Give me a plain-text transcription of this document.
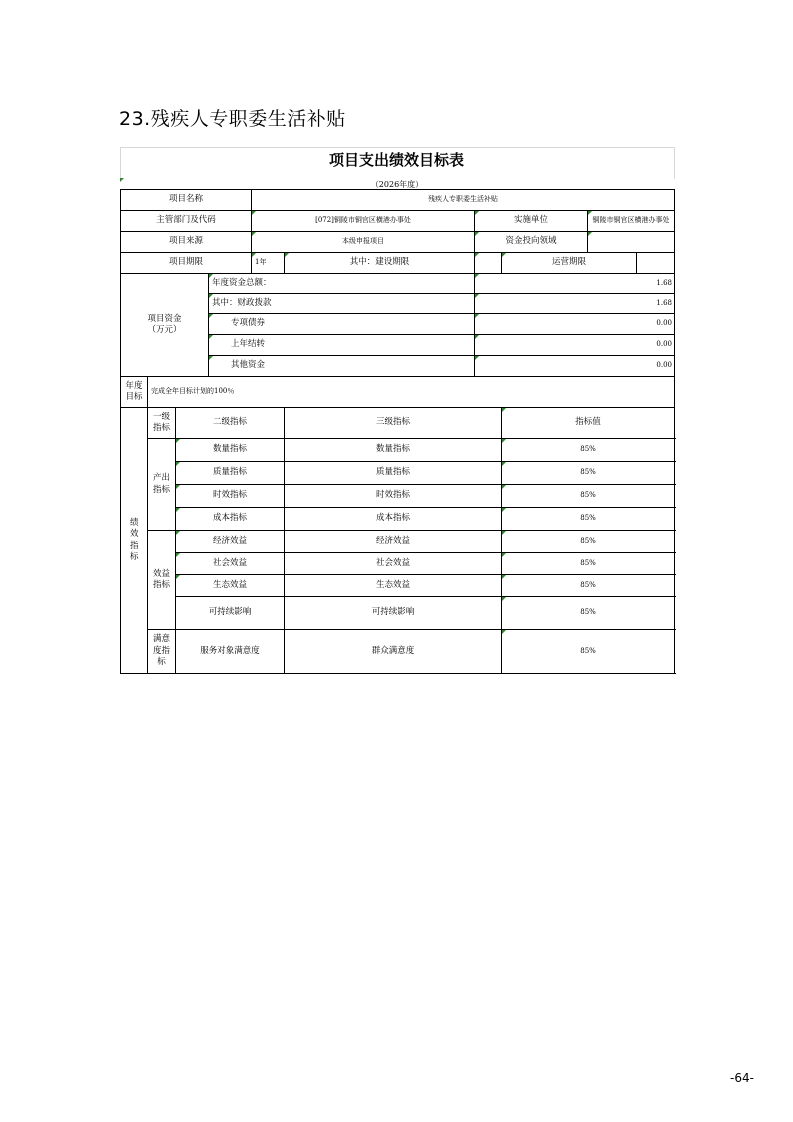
23.残疾人专职委生活补贴
项目支出绩效目标表
（2026年度）
项目名称				残疾人专职委生活补贴					
主管部门及代码				[072]铜陵市铜官区横港办事处		实施单位		铜陵市铜官区横港办事处	
项目来源				本级申报项目		资金投向领域			
项目期限				1年	其中：建设期限		运营期限		
项目资金
（万元）			年度资金总额：			1.68			
			其中：财政拨款			1.68			
			专项债券			0.00			
			上年结转			0.00			
			其他资金			0.00			
年度目标	完成全年目标计划的100％								
绩效指标	一级指标	二级指标			三级指标		指标值		
	产出指标	数量指标			数量指标		85%		
		质量指标			质量指标		85%		
		时效指标			时效指标		85%		
		成本指标			成本指标		85%		
	效益指标	经济效益			经济效益		85%		
		社会效益			社会效益		85%		
		生态效益			生态效益		85%		
		可持续影响			可持续影响		85%		
	满意度指标	服务对象满意度			群众满意度		85%		
-64-
